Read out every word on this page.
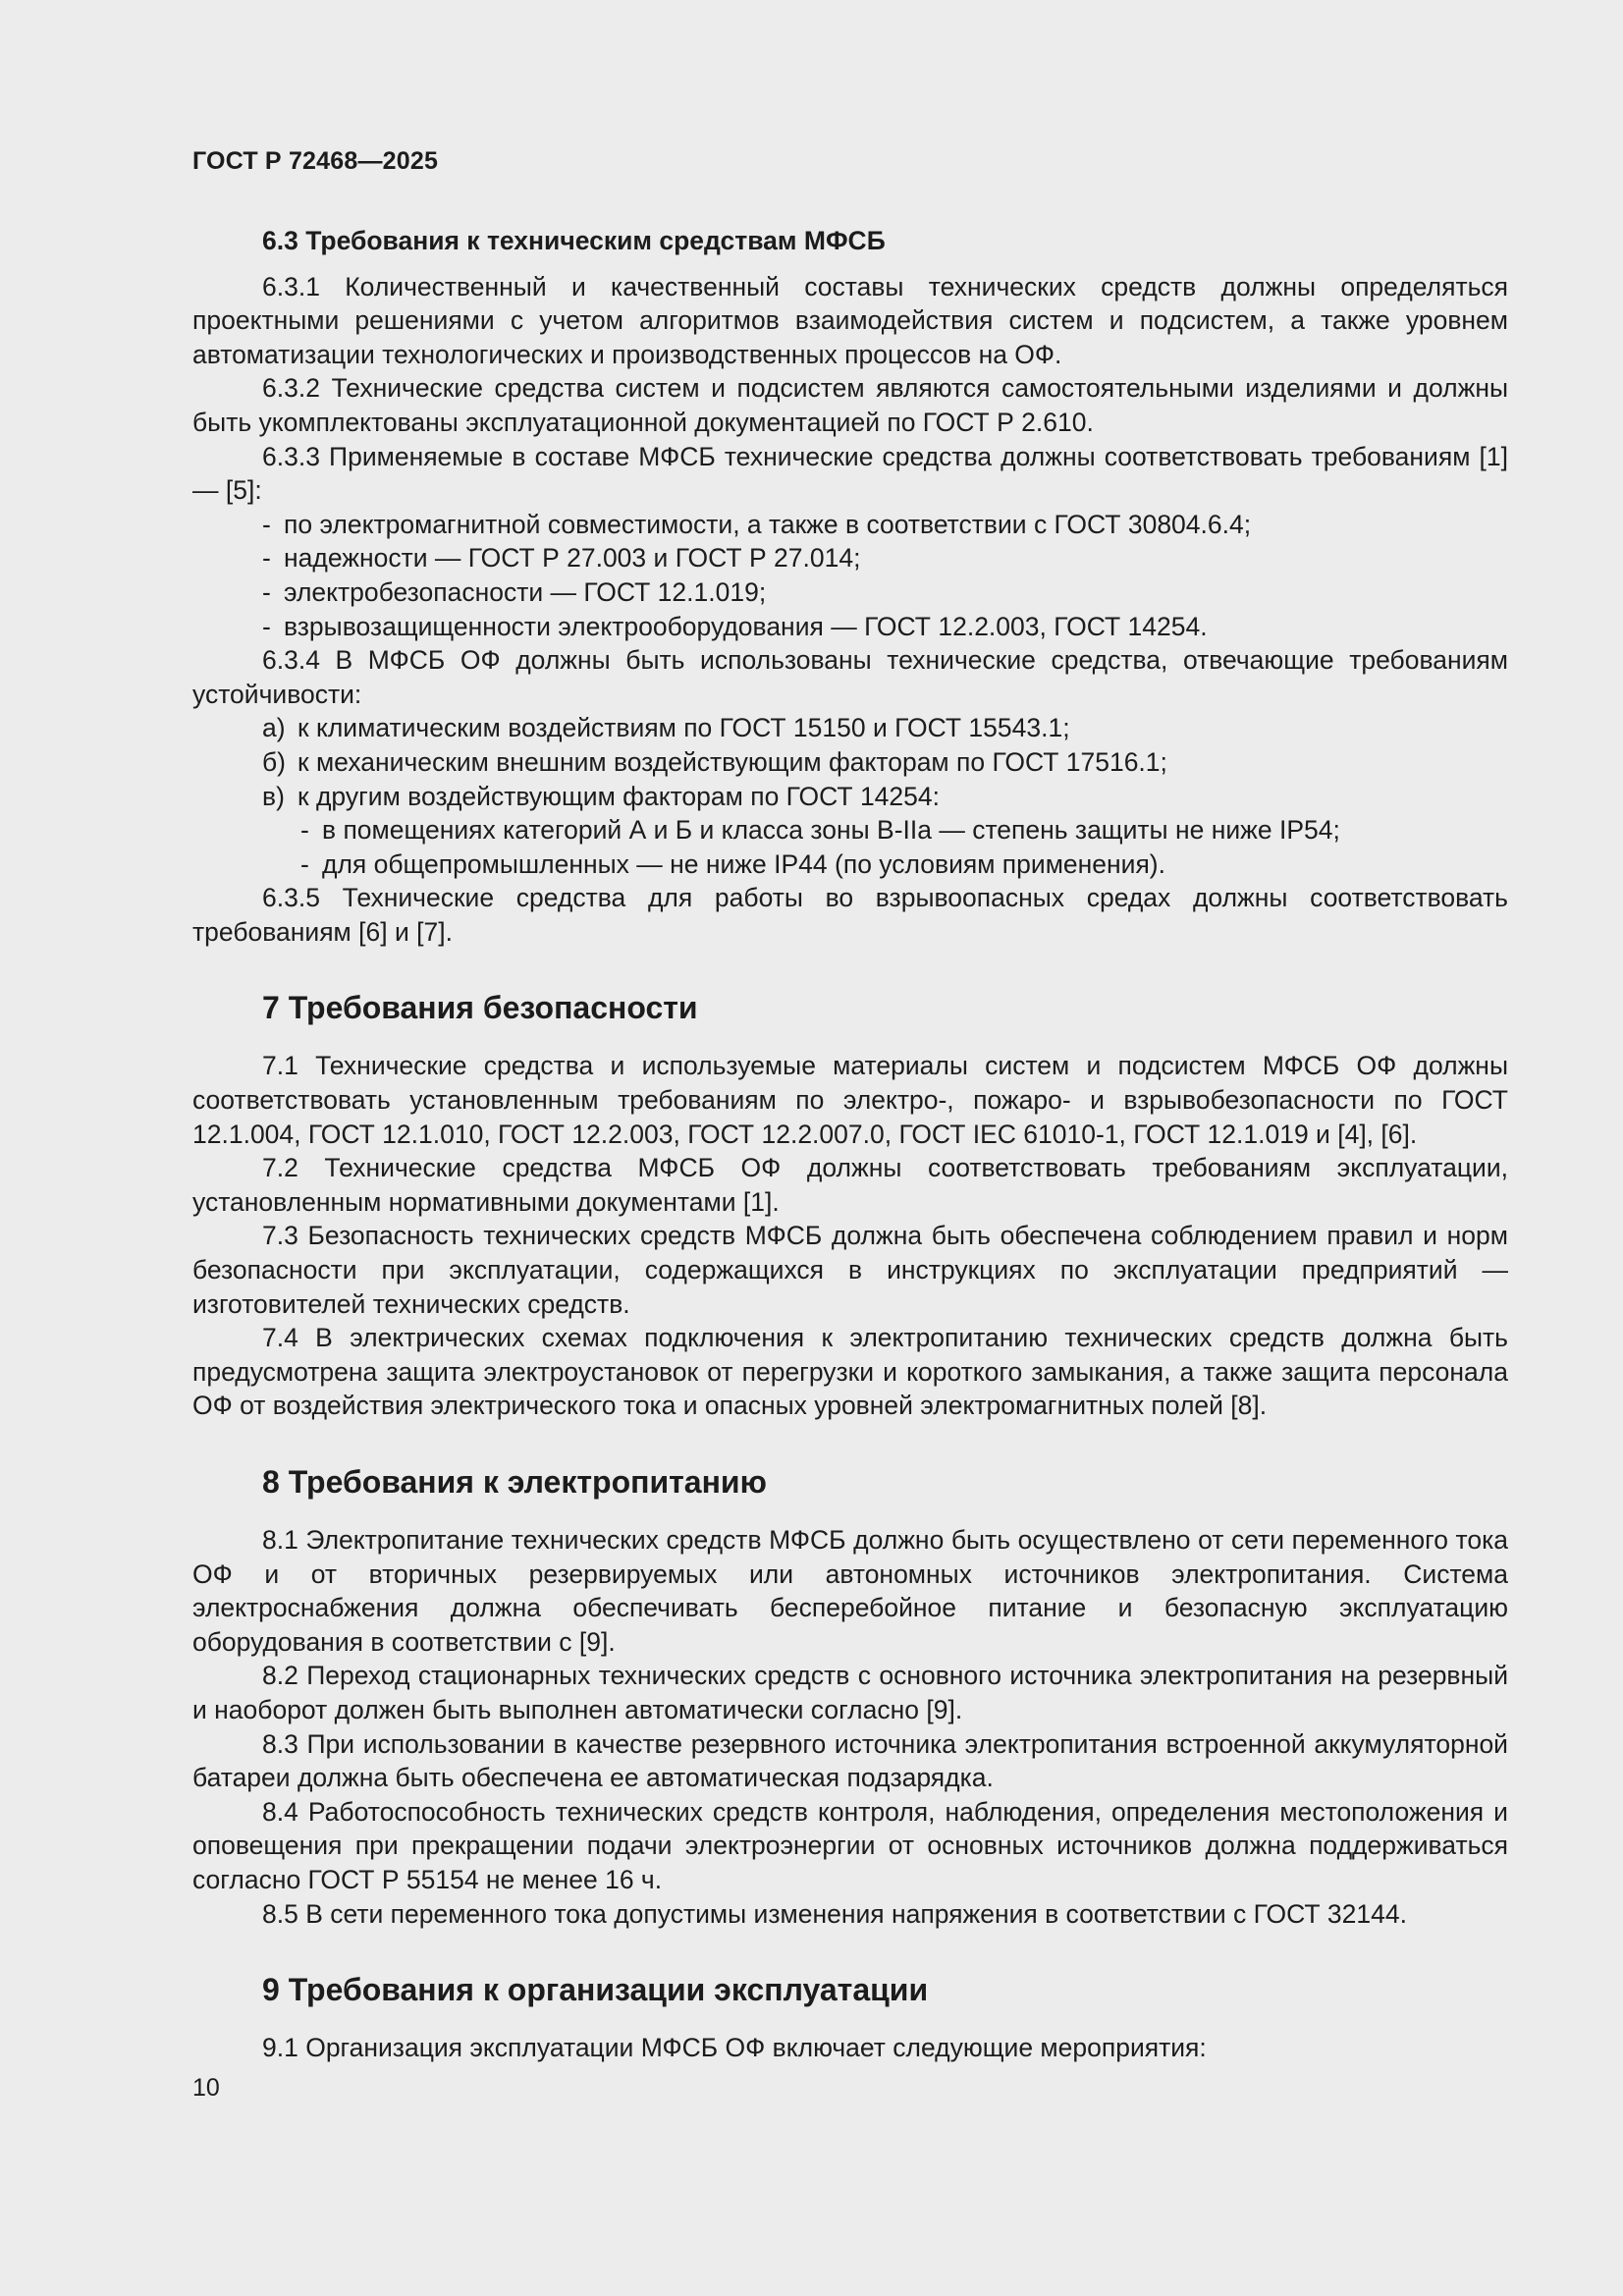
ГОСТ Р 72468—2025
6.3 Требования к техническим средствам МФСБ

6.3.1 Количественный и качественный составы технических средств должны определяться проектными решениями с учетом алгоритмов взаимодействия систем и подсистем, а также уровнем автоматизации технологических и производственных процессов на ОФ.

6.3.2 Технические средства систем и подсистем являются самостоятельными изделиями и должны быть укомплектованы эксплуатационной документацией по ГОСТ Р 2.610.

6.3.3 Применяемые в составе МФСБ технические средства должны соответствовать требованиям [1] — [5]:

- по электромагнитной совместимости, а также в соответствии с ГОСТ 30804.6.4;
- надежности — ГОСТ Р 27.003 и ГОСТ Р 27.014;
- электробезопасности — ГОСТ 12.1.019;
- взрывозащищенности электрооборудования — ГОСТ 12.2.003, ГОСТ 14254.

6.3.4 В МФСБ ОФ должны быть использованы технические средства, отвечающие требованиям устойчивости:

а) к климатическим воздействиям по ГОСТ 15150 и ГОСТ 15543.1;
б) к механическим внешним воздействующим факторам по ГОСТ 17516.1;
в) к другим воздействующим факторам по ГОСТ 14254:
- в помещениях категорий А и Б и класса зоны В-IIа — степень защиты не ниже IP54;
- для общепромышленных — не ниже IP44 (по условиям применения).

6.3.5 Технические средства для работы во взрывоопасных средах должны соответствовать требованиям [6] и [7].

7 Требования безопасности

7.1 Технические средства и используемые материалы систем и подсистем МФСБ ОФ должны соответствовать установленным требованиям по электро-, пожаро- и взрывобезопасности по ГОСТ 12.1.004, ГОСТ 12.1.010, ГОСТ 12.2.003, ГОСТ 12.2.007.0, ГОСТ IEC 61010-1, ГОСТ 12.1.019 и [4], [6].

7.2 Технические средства МФСБ ОФ должны соответствовать требованиям эксплуатации, установленным нормативными документами [1].

7.3 Безопасность технических средств МФСБ должна быть обеспечена соблюдением правил и норм безопасности при эксплуатации, содержащихся в инструкциях по эксплуатации предприятий — изготовителей технических средств.

7.4 В электрических схемах подключения к электропитанию технических средств должна быть предусмотрена защита электроустановок от перегрузки и короткого замыкания, а также защита персонала ОФ от воздействия электрического тока и опасных уровней электромагнитных полей [8].

8 Требования к электропитанию

8.1 Электропитание технических средств МФСБ должно быть осуществлено от сети переменного тока ОФ и от вторичных резервируемых или автономных источников электропитания. Система электроснабжения должна обеспечивать бесперебойное питание и безопасную эксплуатацию оборудования в соответствии с [9].

8.2 Переход стационарных технических средств с основного источника электропитания на резервный и наоборот должен быть выполнен автоматически согласно [9].

8.3 При использовании в качестве резервного источника электропитания встроенной аккумуляторной батареи должна быть обеспечена ее автоматическая подзарядка.

8.4 Работоспособность технических средств контроля, наблюдения, определения местоположения и оповещения при прекращении подачи электроэнергии от основных источников должна поддерживаться согласно ГОСТ Р 55154 не менее 16 ч.

8.5 В сети переменного тока допустимы изменения напряжения в соответствии с ГОСТ 32144.

9 Требования к организации эксплуатации

9.1 Организация эксплуатации МФСБ ОФ включает следующие мероприятия:

10
